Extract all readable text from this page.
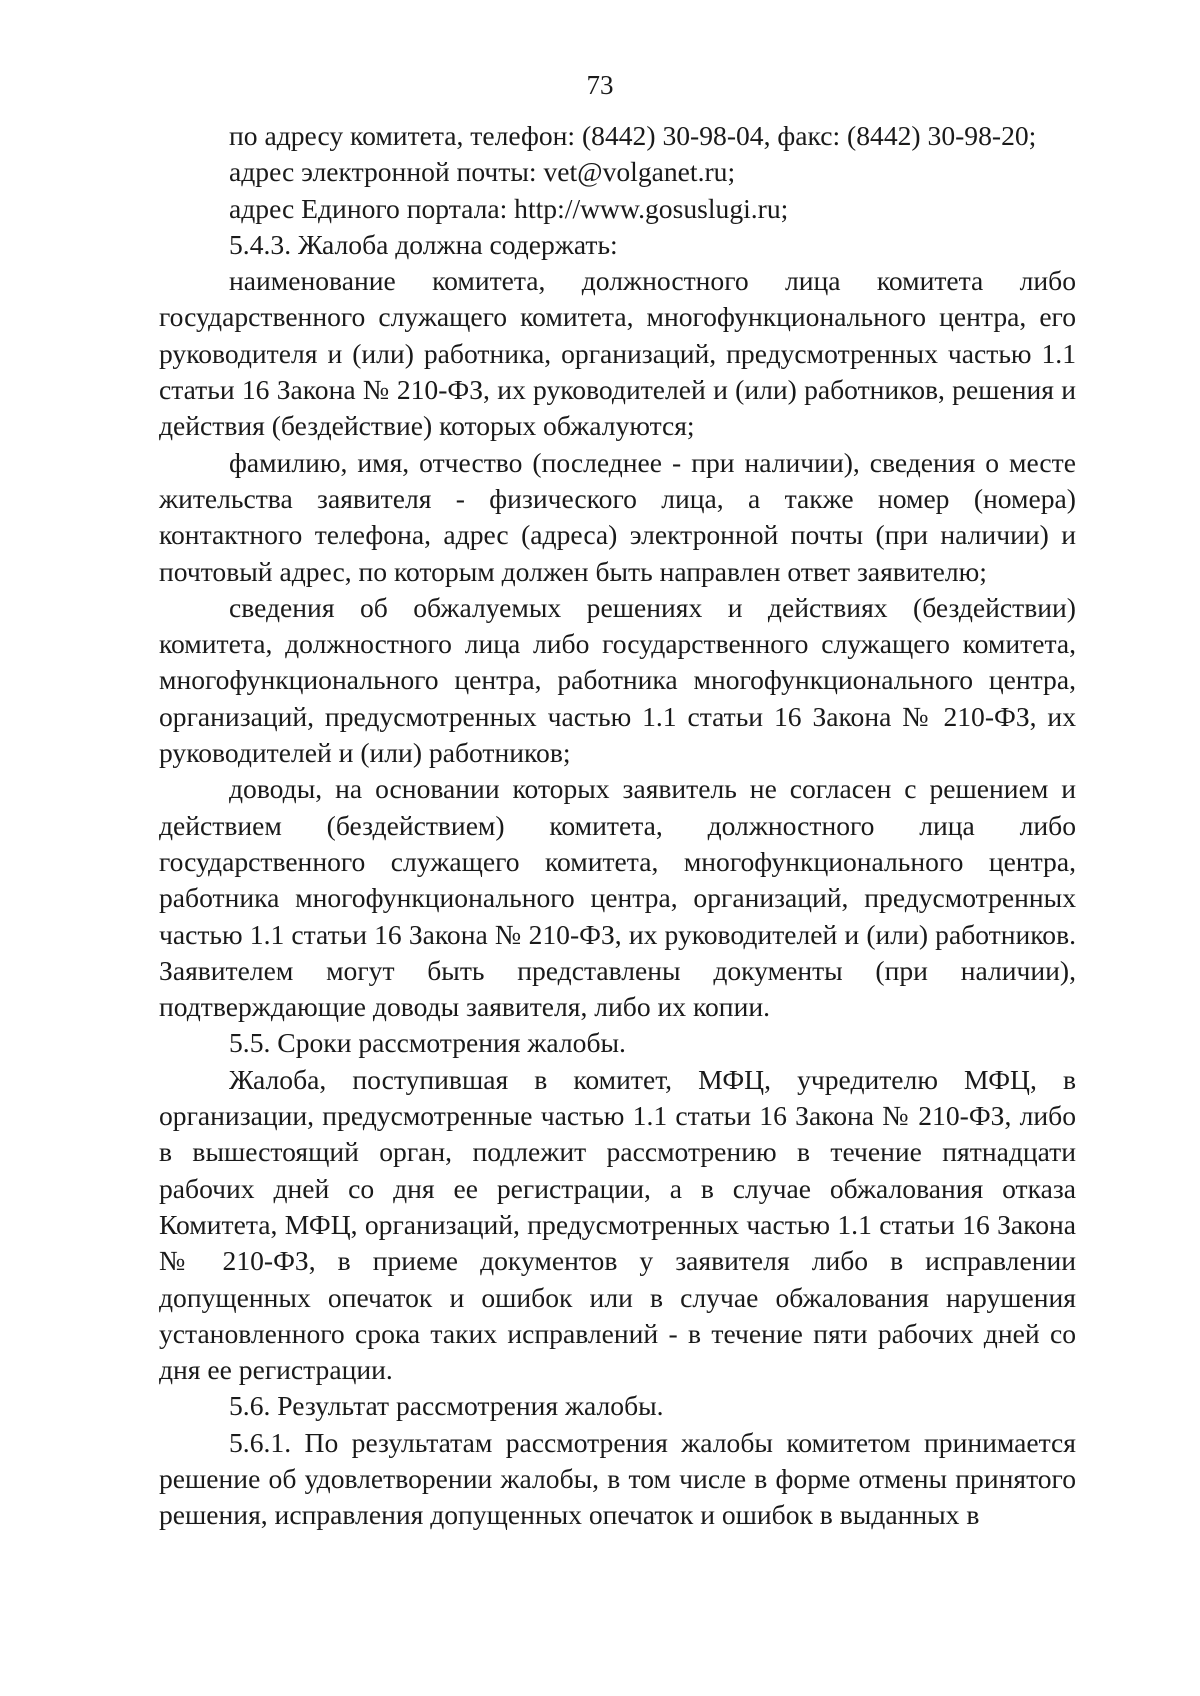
73

по адресу комитета, телефон: (8442) 30-98-04, факс: (8442) 30-98-20;

адрес электронной почты: vet@volganet.ru;

адрес Единого портала: http://www.gosuslugi.ru;

5.4.3. Жалоба должна содержать:

наименование комитета, должностного лица комитета либо государственного служащего комитета, многофункционального центра, его руководителя и (или) работника, организаций, предусмотренных частью 1.1 статьи 16 Закона № 210-ФЗ, их руководителей и (или) работников, решения и действия (бездействие) которых обжалуются;

фамилию, имя, отчество (последнее - при наличии), сведения о месте жительства заявителя - физического лица, а также номер (номера) контактного телефона, адрес (адреса) электронной почты (при наличии) и почтовый адрес, по которым должен быть направлен ответ заявителю;

сведения об обжалуемых решениях и действиях (бездействии) комитета, должностного лица либо государственного служащего комитета, многофункционального центра, работника многофункционального центра, организаций, предусмотренных частью 1.1 статьи 16 Закона № 210-ФЗ, их руководителей и (или) работников;

доводы, на основании которых заявитель не согласен с решением и действием (бездействием) комитета, должностного лица либо государственного служащего комитета, многофункционального центра, работника многофункционального центра, организаций, предусмотренных частью 1.1 статьи 16 Закона № 210-ФЗ, их руководителей и (или) работников. Заявителем могут быть представлены документы (при наличии), подтверждающие доводы заявителя, либо их копии.

5.5. Сроки рассмотрения жалобы.

Жалоба, поступившая в комитет, МФЦ, учредителю МФЦ, в организации, предусмотренные частью 1.1 статьи 16 Закона № 210-ФЗ, либо в вышестоящий орган, подлежит рассмотрению в течение пятнадцати рабочих дней со дня ее регистрации, а в случае обжалования отказа Комитета, МФЦ, организаций, предусмотренных частью 1.1 статьи 16 Закона № 210-ФЗ, в приеме документов у заявителя либо в исправлении допущенных опечаток и ошибок или в случае обжалования нарушения установленного срока таких исправлений - в течение пяти рабочих дней со дня ее регистрации.

5.6. Результат рассмотрения жалобы.

5.6.1. По результатам рассмотрения жалобы комитетом принимается решение об удовлетворении жалобы, в том числе в форме отмены принятого решения, исправления допущенных опечаток и ошибок в выданных в
